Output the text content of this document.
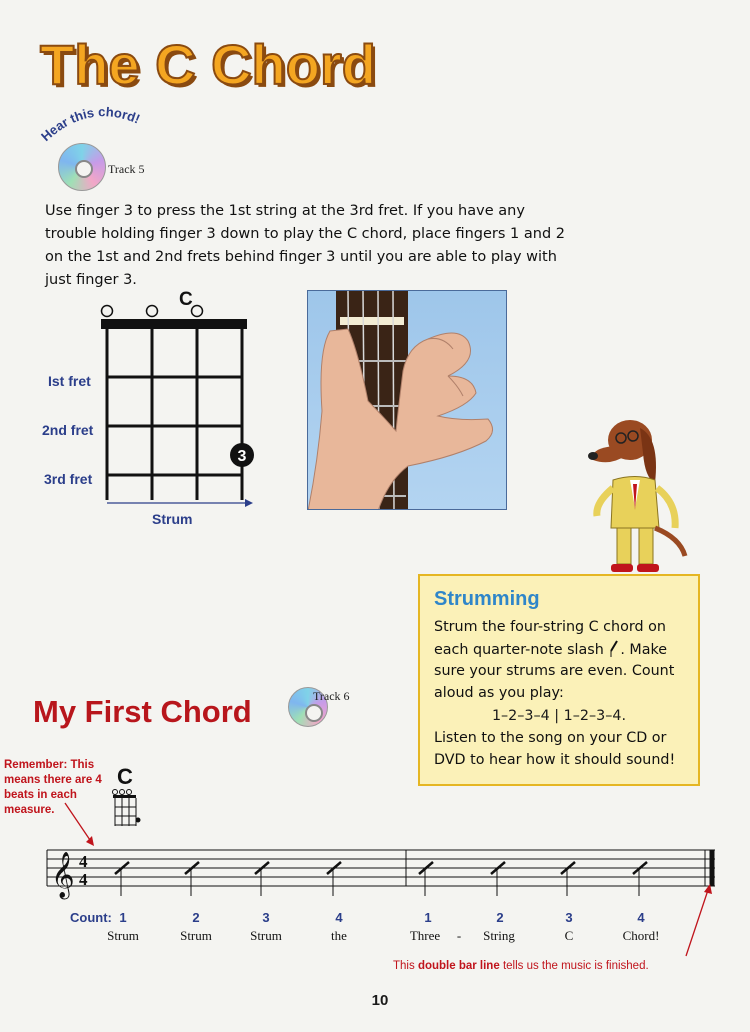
The C Chord
Hear this chord!
Track 5
Use finger 3 to press the 1st string at the 3rd fret. If you have any trouble holding finger 3 down to play the C chord, place fingers 1 and 2 on the 1st and 2nd frets behind finger 3 until you are able to play with just finger 3.
C
3
Ist fret
2nd fret
3rd fret
Strum
Strumming
Strum the four-string C chord on each quarter-note slash . Make sure your strums are even. Count aloud as you play:
1–2–3–4 | 1–2–3–4.
Listen to the song on your CD or DVD to hear how it should sound!
My First Chord	Track 6
Remember: This means there are 4 beats in each measure.
C
𝄞 4
4
Count: 1	2	3	4	1	2	3	4
Strum	Strum	Strum	the	Three	-	String	C	Chord!
This double bar line tells us the music is finished.
10
